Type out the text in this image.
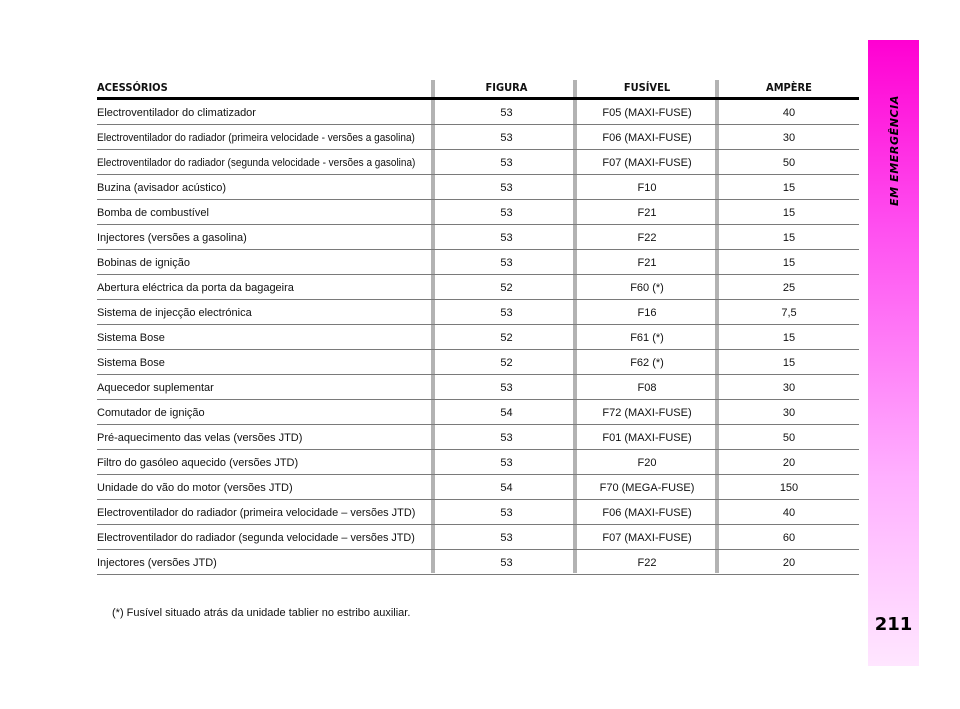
EM EMERGÊNCIA
211
ACESSÓRIOS	FIGURA	FUSÍVEL	AMPÈRE
Electroventilador do climatizador	53	F05 (MAXI-FUSE)	40
Electroventilador do radiador (primeira velocidade - versões a gasolina)	53	F06 (MAXI-FUSE)	30
Electroventilador do radiador (segunda velocidade - versões a gasolina)	53	F07 (MAXI-FUSE)	50
Buzina (avisador acústico)	53	F10	15
Bomba de combustível	53	F21	15
Injectores (versões a gasolina)	53	F22	15
Bobinas de ignição	53	F21	15
Abertura eléctrica da porta da bagageira	52	F60 (*)	25
Sistema de injecção electrónica	53	F16	7,5
Sistema Bose	52	F61 (*)	15
Sistema Bose	52	F62 (*)	15
Aquecedor suplementar	53	F08	30
Comutador de ignição	54	F72 (MAXI-FUSE)	30
Pré-aquecimento das velas (versões JTD)	53	F01 (MAXI-FUSE)	50
Filtro do gasóleo aquecido (versões JTD)	53	F20	20
Unidade do vão do motor (versões JTD)	54	F70 (MEGA-FUSE)	150
Electroventilador do radiador (primeira velocidade – versões JTD)	53	F06 (MAXI-FUSE)	40
Electroventilador do radiador (segunda velocidade – versões JTD)	53	F07 (MAXI-FUSE)	60
Injectores (versões JTD)	53	F22	20
(*) Fusível situado atrás da unidade tablier no estribo auxiliar.
